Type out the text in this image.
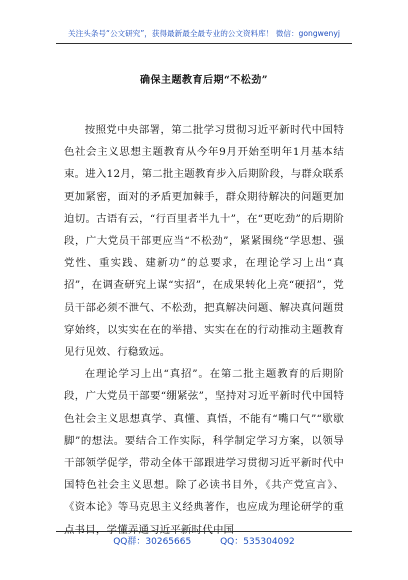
关注头条号“公文研究”，获得最新最全最专业的公文资料库！ 微信：gongwenyj
确保主题教育后期“不松劲”

按照党中央部署，第二批学习贯彻习近平新时代中国特色社会主义思想主题教育从今年9月开始至明年1月基本结束。进入12月，第二批主题教育步入后期阶段，与群众联系更加紧密，面对的矛盾更加棘手，群众期待解决的问题更加迫切。古语有云，“行百里者半九十”，在“更吃劲”的后期阶段，广大党员干部更应当“不松劲”，紧紧围绕“学思想、强党性、重实践、建新功”的总要求，在理论学习上出“真招”，在调查研究上谋“实招”，在成果转化上亮“硬招”，党员干部必须不泄气、不松劲，把真解决问题、解决真问题贯穿始终，以实实在在的举措、实实在在的行动推动主题教育见行见效、行稳致远。

在理论学习上出“真招”。在第二批主题教育的后期阶段，广大党员干部要“绷紧弦”，坚持对习近平新时代中国特色社会主义思想真学、真懂、真悟，不能有“嘴口气”“歇歇脚”的想法。要结合工作实际，科学制定学习方案，以领导干部领学促学，带动全体干部跟进学习贯彻习近平新时代中国特色社会主义思想。除了必读书目外，《共产党宣言》、《资本论》等马克思主义经典著作，也应成为理论研学的重点书目，学懂弄通习近平新时代中国

QQ群：30265665	QQ：535304092
